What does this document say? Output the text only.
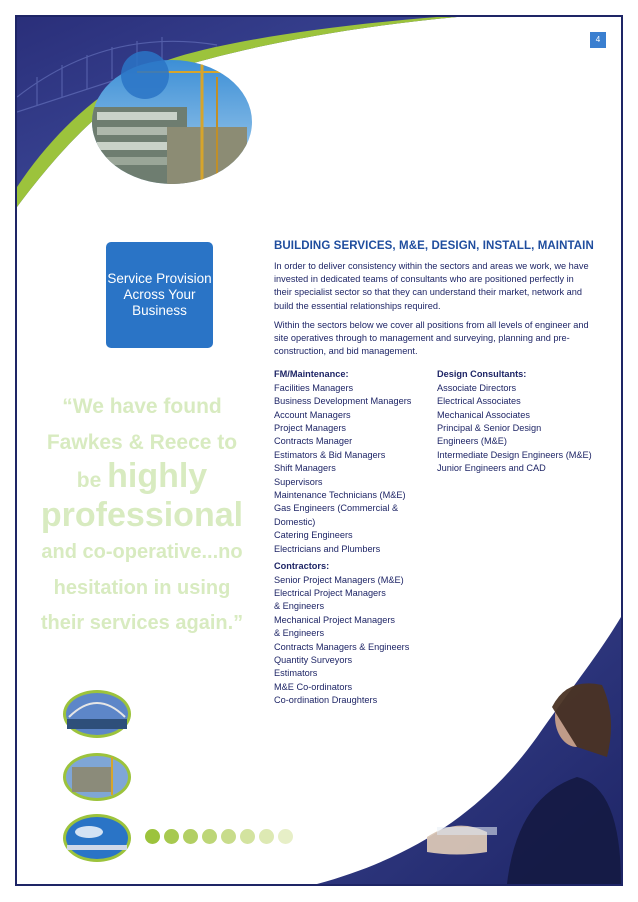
4
Service Provision
Across Your
Business
“We have found
Fawkes & Reece to
be highly
professional
and co-operative...no
hesitation in using
their services again.”
BUILDING SERVICES, M&E, DESIGN, INSTALL, MAINTAIN

In order to deliver consistency within the sectors and areas we work, we have invested in dedicated teams of consultants who are positioned perfectly in their specialist sector so that they can understand their market, network and build the essential relationships required.

Within the sectors below we cover all positions from all levels of engineer and site operatives through to management and surveying, planning and pre-construction, and bid management.

FM/Maintenance:
Facilities Managers
Business Development Managers
Account Managers
Project Managers
Contracts Manager
Estimators & Bid Managers
Shift Managers
Supervisors
Maintenance Technicians (M&E)
Gas Engineers (Commercial &
Domestic)
Catering Engineers
Electricians and Plumbers
Contractors:
Senior Project Managers (M&E)
Electrical Project Managers
& Engineers
Mechanical Project Managers
& Engineers
Contracts Managers & Engineers
Quantity Surveyors
Estimators
M&E Co-ordinators
Co-ordination Draughters
Design Consultants:
Associate Directors
Electrical Associates
Mechanical Associates
Principal & Senior Design
Engineers (M&E)
Intermediate Design Engineers (M&E)
Junior Engineers and CAD
